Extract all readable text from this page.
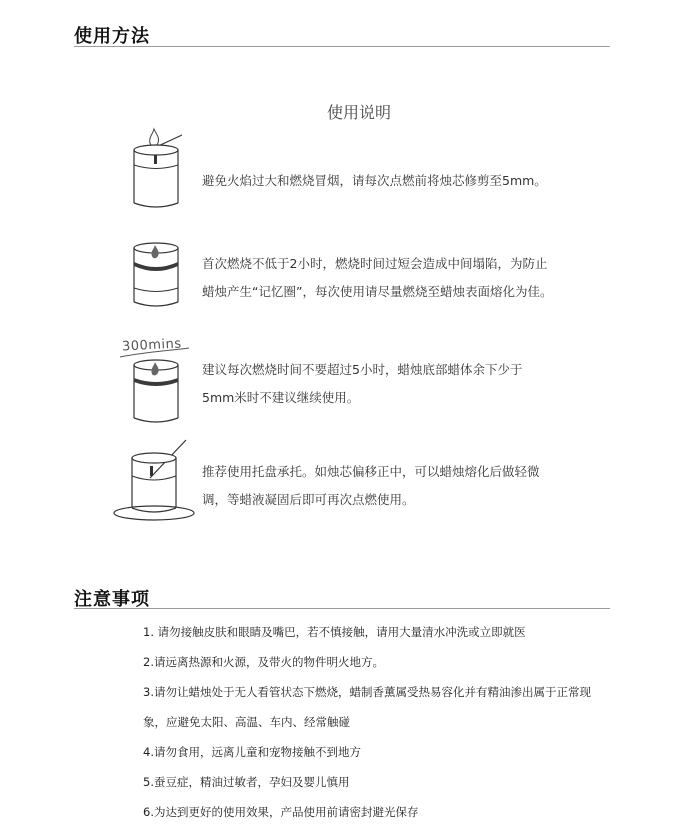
使用方法
使用说明
避免火焰过大和燃烧冒烟，请每次点燃前将烛芯修剪至5mm。
首次燃烧不低于2小时，燃烧时间过短会造成中间塌陷，为防止
蜡烛产生“记忆圈”，每次使用请尽量燃烧至蜡烛表面熔化为佳。
300mins
建议每次燃烧时间不要超过5小时，蜡烛底部蜡体余下少于
5mm米时不建议继续使用。
推荐使用托盘承托。如烛芯偏移正中，可以蜡烛熔化后做轻微
调，等蜡液凝固后即可再次点燃使用。
注意事项
1. 请勿接触皮肤和眼睛及嘴巴，若不慎接触，请用大量清水冲洗或立即就医
2.请远离热源和火源，及带火的物件明火地方。
3.请勿让蜡烛处于无人看管状态下燃烧，蜡制香薰属受热易容化并有精油渗出属于正常现
象，应避免太阳、高温、车内、经常触碰
4.请勿食用，远离儿童和宠物接触不到地方
5.蚕豆症，精油过敏者，孕妇及婴儿慎用
6.为达到更好的使用效果，产品使用前请密封避光保存
